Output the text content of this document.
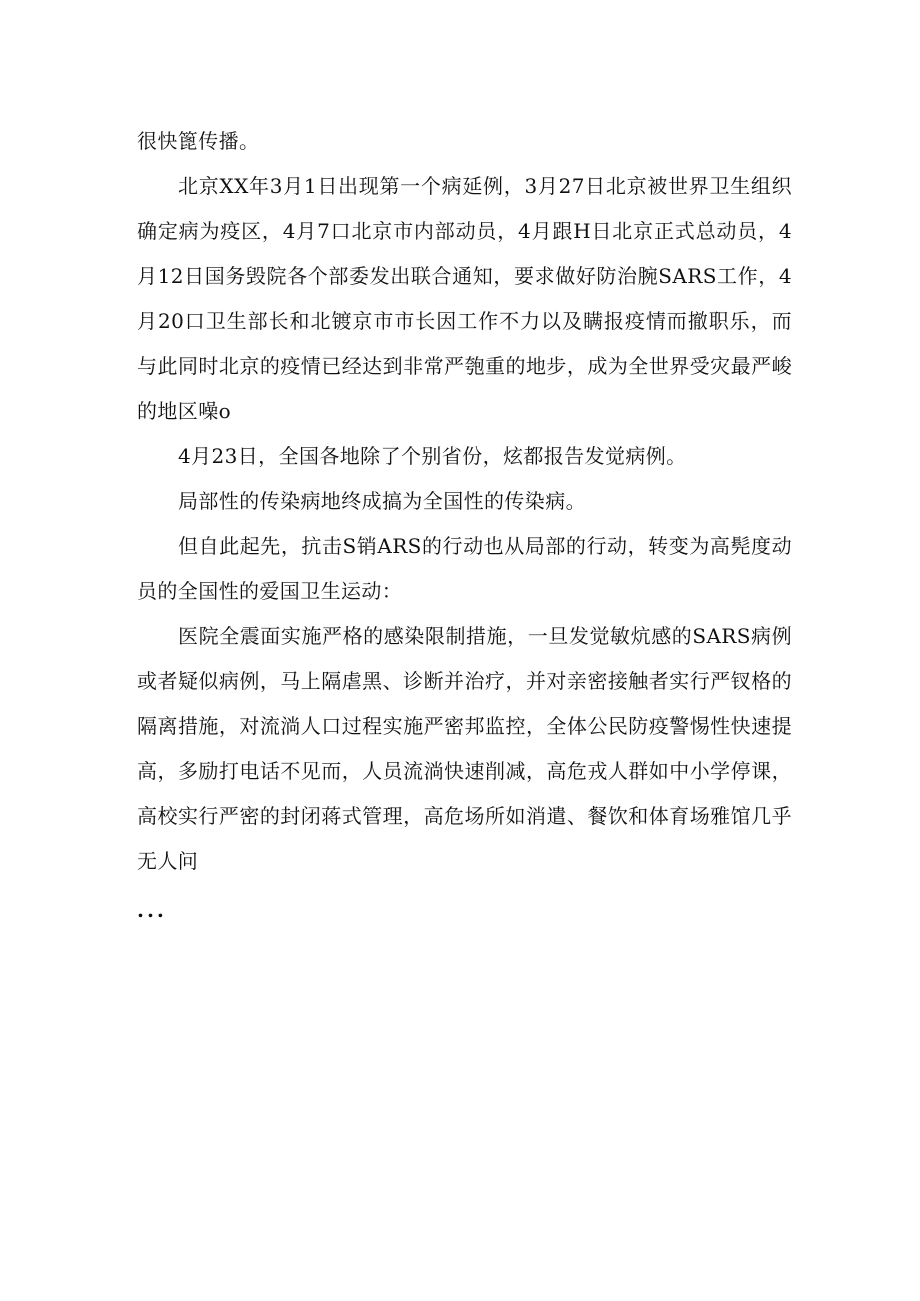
很快篦传播。

北京XX年3月1日出现第一个病延例，3月27日北京被世界卫生组织确定病为疫区，4月7口北京市内部动员，4月跟H日北京正式总动员，4月12日国务毁院各个部委发出联合通知，要求做好防治腕SARS工作，4月20口卫生部长和北镀京市市长因工作不力以及瞒报疫情而撤职乐，而与此同时北京的疫情已经达到非常严匏重的地步，成为全世界受灾最严峻的地区噪o

4月23日，全国各地除了个别省份，炫都报告发觉病例。

局部性的传染病地终成搞为全国性的传染病。

但自此起先，抗击S销ARS的行动也从局部的行动，转变为高髡度动员的全国性的爱国卫生运动：

医院全震面实施严格的感染限制措施，一旦发觉敏炕感的SARS病例或者疑似病例，马上隔虐黑、诊断并治疗，并对亲密接触者实行严钗格的隔离措施，对流淌人口过程实施严密邦监控，全体公民防疫警惕性快速提高，多励打电话不见而，人员流淌快速削减，高危戎人群如中小学停课，高校实行严密的封闭蒋式管理，高危场所如消遣、餐饮和体育场雅馆几乎无人问

...
